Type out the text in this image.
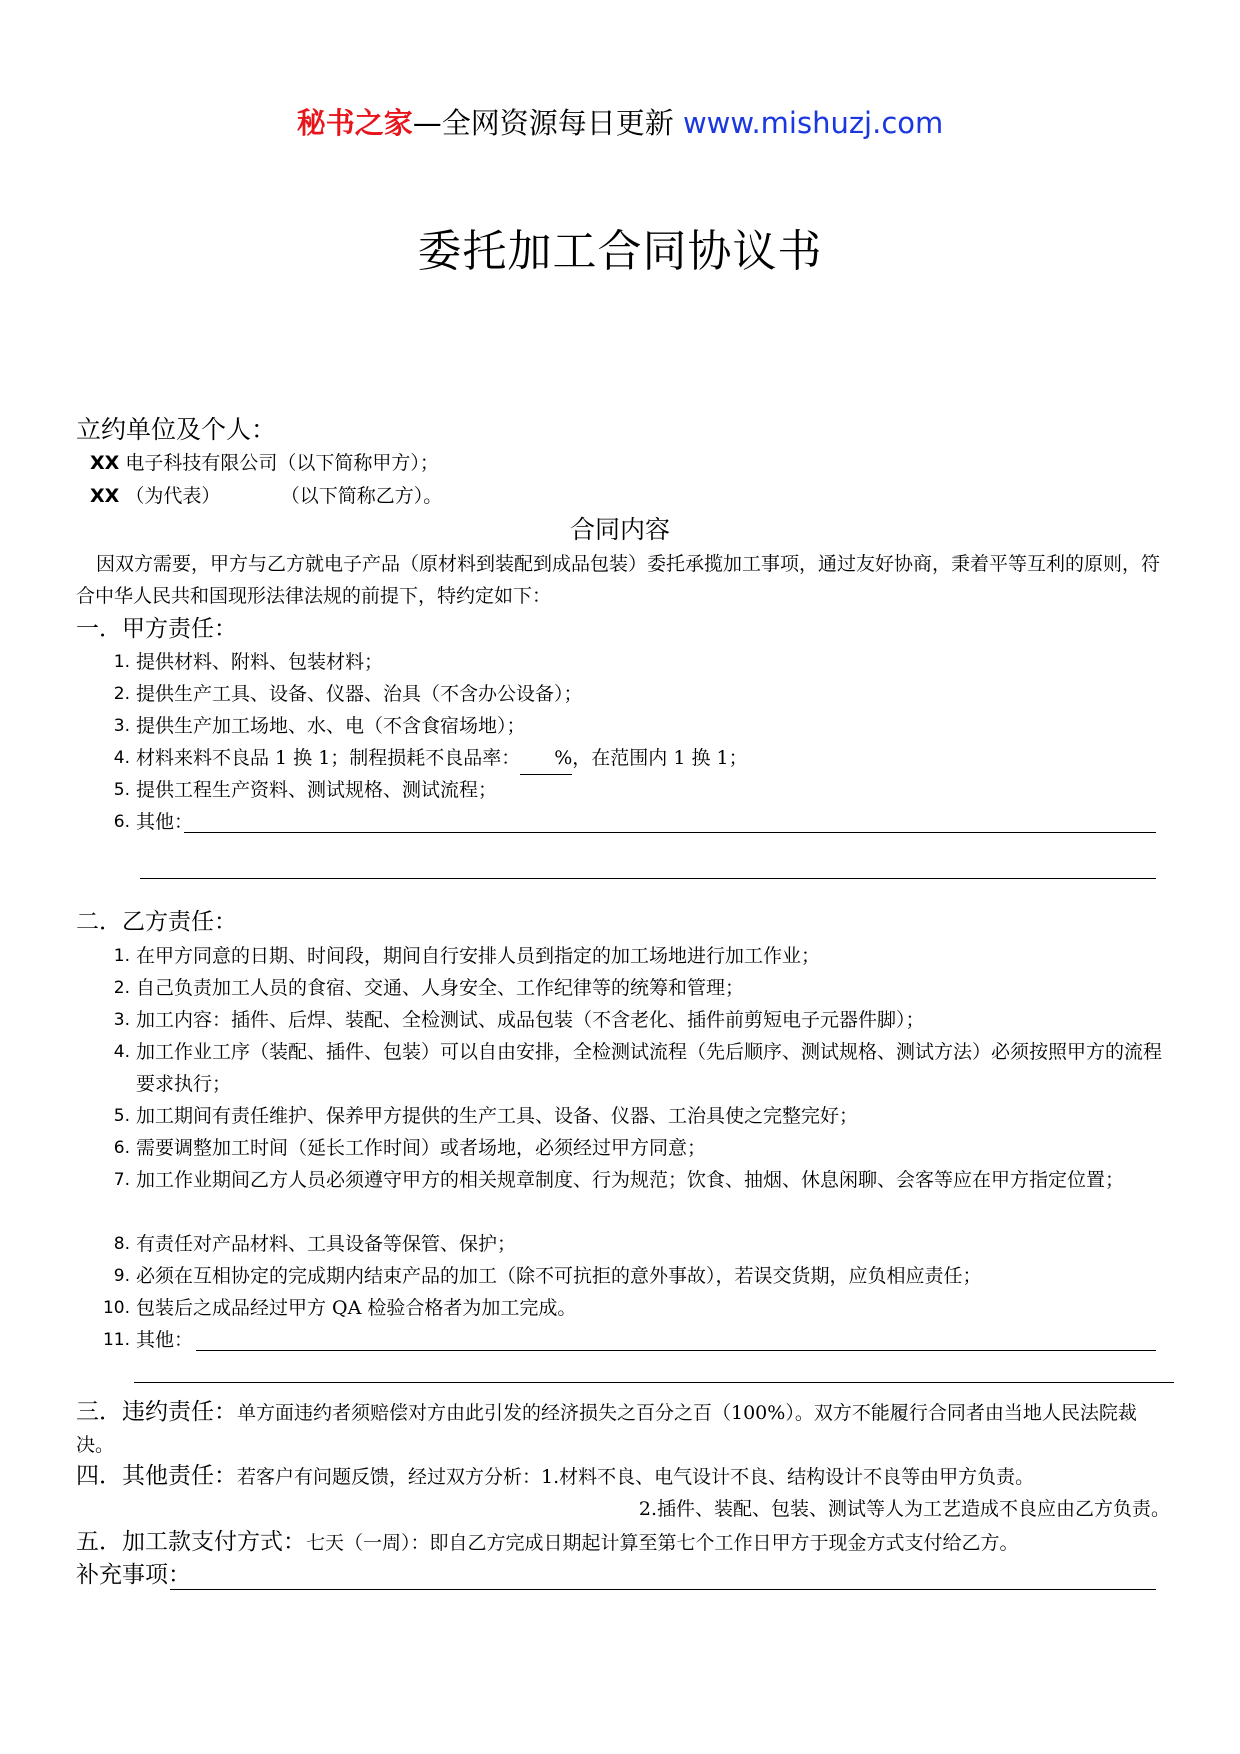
秘书之家—全网资源每日更新 www.mishuzj.com
委托加工合同协议书
立约单位及个人：
XX 电子科技有限公司（以下简称甲方）；
XX （为代表）          （以下简称乙方）。
合同内容
因双方需要，甲方与乙方就电子产品（原材料到装配到成品包装）委托承揽加工事项，通过友好协商，秉着平等互利的原则，符合中华人民共和国现形法律法规的前提下，特约定如下：
一．甲方责任：
1. 提供材料、附料、包装材料；
2. 提供生产工具、设备、仪器、治具（不含办公设备）；
3. 提供生产加工场地、水、电（不含食宿场地）；
4. 材料来料不良品 1 换 1；制程损耗不良品率： %，在范围内 1 换 1；
5. 提供工程生产资料、测试规格、测试流程；
6. 其他：
二．乙方责任：
1. 在甲方同意的日期、时间段，期间自行安排人员到指定的加工场地进行加工作业；
2. 自己负责加工人员的食宿、交通、人身安全、工作纪律等的统筹和管理；
3. 加工内容：插件、后焊、装配、全检测试、成品包装（不含老化、插件前剪短电子元器件脚）；
4. 加工作业工序（装配、插件、包装）可以自由安排，全检测试流程（先后顺序、测试规格、测试方法）必须按照甲方的流程要求执行；
5. 加工期间有责任维护、保养甲方提供的生产工具、设备、仪器、工治具使之完整完好；
6. 需要调整加工时间（延长工作时间）或者场地，必须经过甲方同意；
7. 加工作业期间乙方人员必须遵守甲方的相关规章制度、行为规范；饮食、抽烟、休息闲聊、会客等应在甲方指定位置；
8. 有责任对产品材料、工具设备等保管、保护；
9. 必须在互相协定的完成期内结束产品的加工（除不可抗拒的意外事故），若误交货期，应负相应责任；
10. 包装后之成品经过甲方 QA 检验合格者为加工完成。
11. 其他：
三．违约责任：单方面违约者须赔偿对方由此引发的经济损失之百分之百（100%）。双方不能履行合同者由当地人民法院裁决。
四．其他责任：若客户有问题反馈，经过双方分析：1.材料不良、电气设计不良、结构设计不良等由甲方负责。
2.插件、装配、包装、测试等人为工艺造成不良应由乙方负责。
五．加工款支付方式：七天（一周）：即自乙方完成日期起计算至第七个工作日甲方于现金方式支付给乙方。
补充事项：
